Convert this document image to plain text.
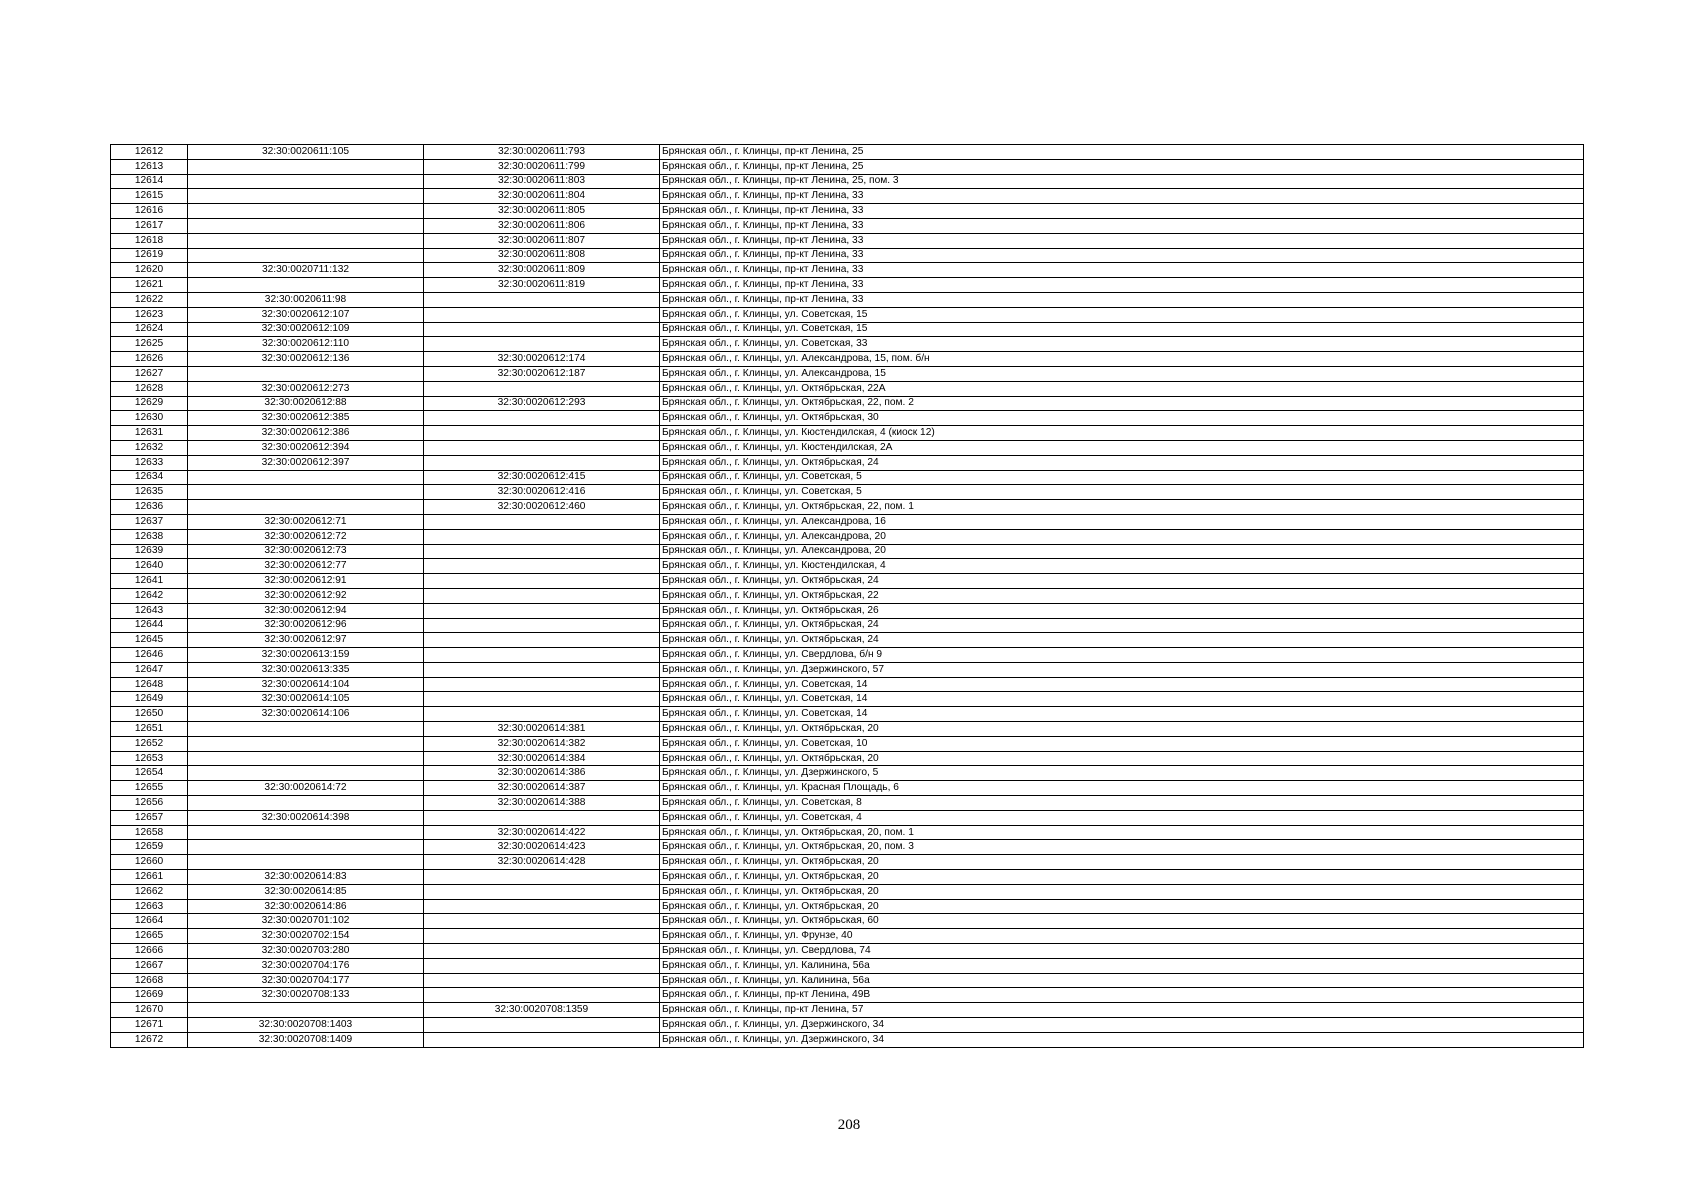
12612	32:30:0020611:105	32:30:0020611:793	Брянская обл., г. Клинцы, пр-кт Ленина, 25
12613		32:30:0020611:799	Брянская обл., г. Клинцы, пр-кт Ленина, 25
12614		32:30:0020611:803	Брянская обл., г. Клинцы, пр-кт Ленина, 25, пом. 3
12615		32:30:0020611:804	Брянская обл., г. Клинцы, пр-кт Ленина, 33
12616		32:30:0020611:805	Брянская обл., г. Клинцы, пр-кт Ленина, 33
12617		32:30:0020611:806	Брянская обл., г. Клинцы, пр-кт Ленина, 33
12618		32:30:0020611:807	Брянская обл., г. Клинцы, пр-кт Ленина, 33
12619		32:30:0020611:808	Брянская обл., г. Клинцы, пр-кт Ленина, 33
12620	32:30:0020711:132	32:30:0020611:809	Брянская обл., г. Клинцы, пр-кт Ленина, 33
12621		32:30:0020611:819	Брянская обл., г. Клинцы, пр-кт Ленина, 33
12622	32:30:0020611:98		Брянская обл., г. Клинцы, пр-кт Ленина, 33
12623	32:30:0020612:107		Брянская обл., г. Клинцы, ул. Советская, 15
12624	32:30:0020612:109		Брянская обл., г. Клинцы, ул. Советская, 15
12625	32:30:0020612:110		Брянская обл., г. Клинцы, ул. Советская, 33
12626	32:30:0020612:136	32:30:0020612:174	Брянская обл., г. Клинцы, ул. Александрова, 15, пом. б/н
12627		32:30:0020612:187	Брянская обл., г. Клинцы, ул. Александрова, 15
12628	32:30:0020612:273		Брянская обл., г. Клинцы, ул. Октябрьская, 22А
12629	32:30:0020612:88	32:30:0020612:293	Брянская обл., г. Клинцы, ул. Октябрьская, 22, пом. 2
12630	32:30:0020612:385		Брянская обл., г. Клинцы, ул. Октябрьская, 30
12631	32:30:0020612:386		Брянская обл., г. Клинцы, ул. Кюстендилская, 4 (киоск 12)
12632	32:30:0020612:394		Брянская обл., г. Клинцы, ул. Кюстендилская, 2А
12633	32:30:0020612:397		Брянская обл., г. Клинцы, ул. Октябрьская, 24
12634		32:30:0020612:415	Брянская обл., г. Клинцы, ул. Советская, 5
12635		32:30:0020612:416	Брянская обл., г. Клинцы, ул. Советская, 5
12636		32:30:0020612:460	Брянская обл., г. Клинцы, ул. Октябрьская, 22, пом. 1
12637	32:30:0020612:71		Брянская обл., г. Клинцы, ул. Александрова, 16
12638	32:30:0020612:72		Брянская обл., г. Клинцы, ул. Александрова, 20
12639	32:30:0020612:73		Брянская обл., г. Клинцы, ул. Александрова, 20
12640	32:30:0020612:77		Брянская обл., г. Клинцы, ул. Кюстендилская, 4
12641	32:30:0020612:91		Брянская обл., г. Клинцы, ул. Октябрьская, 24
12642	32:30:0020612:92		Брянская обл., г. Клинцы, ул. Октябрьская, 22
12643	32:30:0020612:94		Брянская обл., г. Клинцы, ул. Октябрьская, 26
12644	32:30:0020612:96		Брянская обл., г. Клинцы, ул. Октябрьская, 24
12645	32:30:0020612:97		Брянская обл., г. Клинцы, ул. Октябрьская, 24
12646	32:30:0020613:159		Брянская обл., г. Клинцы, ул. Свердлова, б/н 9
12647	32:30:0020613:335		Брянская обл., г. Клинцы, ул. Дзержинского, 57
12648	32:30:0020614:104		Брянская обл., г. Клинцы, ул. Советская, 14
12649	32:30:0020614:105		Брянская обл., г. Клинцы, ул. Советская, 14
12650	32:30:0020614:106		Брянская обл., г. Клинцы, ул. Советская, 14
12651		32:30:0020614:381	Брянская обл., г. Клинцы, ул. Октябрьская, 20
12652		32:30:0020614:382	Брянская обл., г. Клинцы, ул. Советская, 10
12653		32:30:0020614:384	Брянская обл., г. Клинцы, ул. Октябрьская, 20
12654		32:30:0020614:386	Брянская обл., г. Клинцы, ул. Дзержинского, 5
12655	32:30:0020614:72	32:30:0020614:387	Брянская обл., г. Клинцы, ул. Красная Площадь, 6
12656		32:30:0020614:388	Брянская обл., г. Клинцы, ул. Советская, 8
12657	32:30:0020614:398		Брянская обл., г. Клинцы, ул. Советская, 4
12658		32:30:0020614:422	Брянская обл., г. Клинцы, ул. Октябрьская, 20, пом. 1
12659		32:30:0020614:423	Брянская обл., г. Клинцы, ул. Октябрьская, 20, пом. 3
12660		32:30:0020614:428	Брянская обл., г. Клинцы, ул. Октябрьская, 20
12661	32:30:0020614:83		Брянская обл., г. Клинцы, ул. Октябрьская, 20
12662	32:30:0020614:85		Брянская обл., г. Клинцы, ул. Октябрьская, 20
12663	32:30:0020614:86		Брянская обл., г. Клинцы, ул. Октябрьская, 20
12664	32:30:0020701:102		Брянская обл., г. Клинцы, ул. Октябрьская, 60
12665	32:30:0020702:154		Брянская обл., г. Клинцы, ул. Фрунзе, 40
12666	32:30:0020703:280		Брянская обл., г. Клинцы, ул. Свердлова, 74
12667	32:30:0020704:176		Брянская обл., г. Клинцы, ул. Калинина, 56а
12668	32:30:0020704:177		Брянская обл., г. Клинцы, ул. Калинина, 56а
12669	32:30:0020708:133		Брянская обл., г. Клинцы, пр-кт Ленина, 49В
12670		32:30:0020708:1359	Брянская обл., г. Клинцы, пр-кт Ленина, 57
12671	32:30:0020708:1403		Брянская обл., г. Клинцы, ул. Дзержинского, 34
12672	32:30:0020708:1409		Брянская обл., г. Клинцы, ул. Дзержинского, 34
208
